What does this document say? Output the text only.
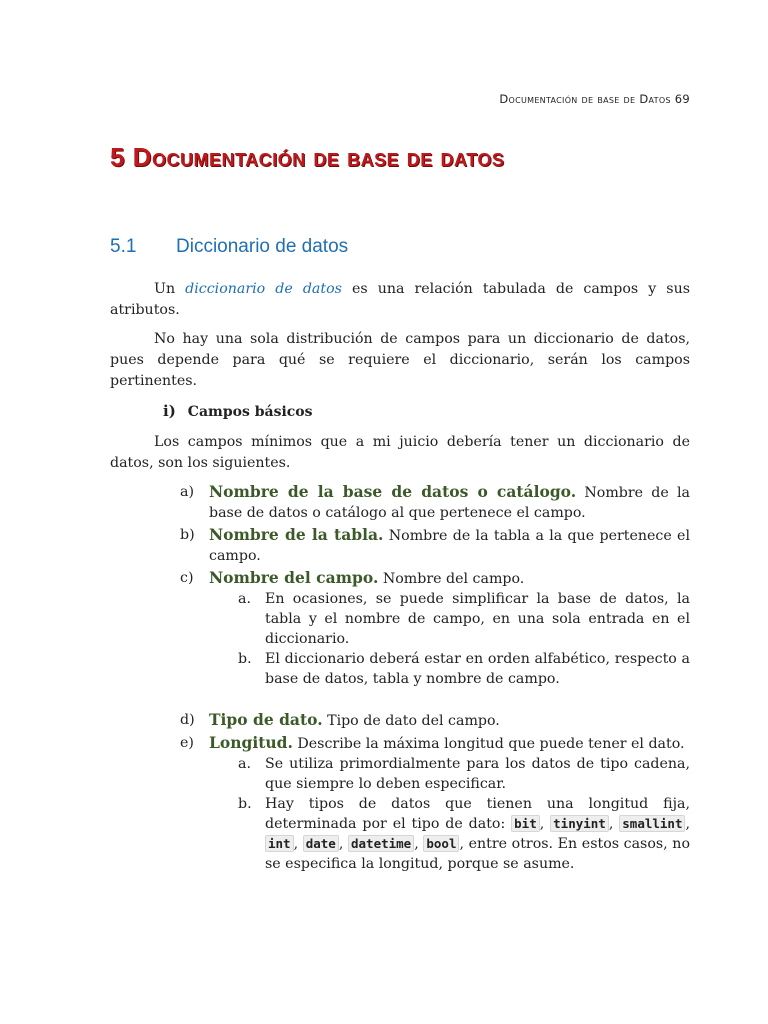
Documentación de base de Datos 69
5 Documentación de base de datos
5.1 Diccionario de datos

Un diccionario de datos es una relación tabulada de campos y sus atributos.

No hay una sola distribución de campos para un diccionario de datos, pues depende para qué se requiere el diccionario, serán los campos pertinentes.

i) Campos básicos

Los campos mínimos que a mi juicio debería tener un diccionario de datos, son los siguientes.

a) Nombre de la base de datos o catálogo. Nombre de la base de datos o catálogo al que pertenece el campo.
b) Nombre de la tabla. Nombre de la tabla a la que pertenece el campo.
c) Nombre del campo. Nombre del campo.
a. En ocasiones, se puede simplificar la base de datos, la tabla y el nombre de campo, en una sola entrada en el diccionario.
b. El diccionario deberá estar en orden alfabético, respecto a base de datos, tabla y nombre de campo.
d) Tipo de dato. Tipo de dato del campo.
e) Longitud. Describe la máxima longitud que puede tener el dato.
a. Se utiliza primordialmente para los datos de tipo cadena, que siempre lo deben especificar.
b. Hay tipos de datos que tienen una longitud fija, determinada por el tipo de dato: bit , tinyint , smallint , int , date , datetime , bool , entre otros. En estos casos, no se especifica la longitud, porque se asume.
